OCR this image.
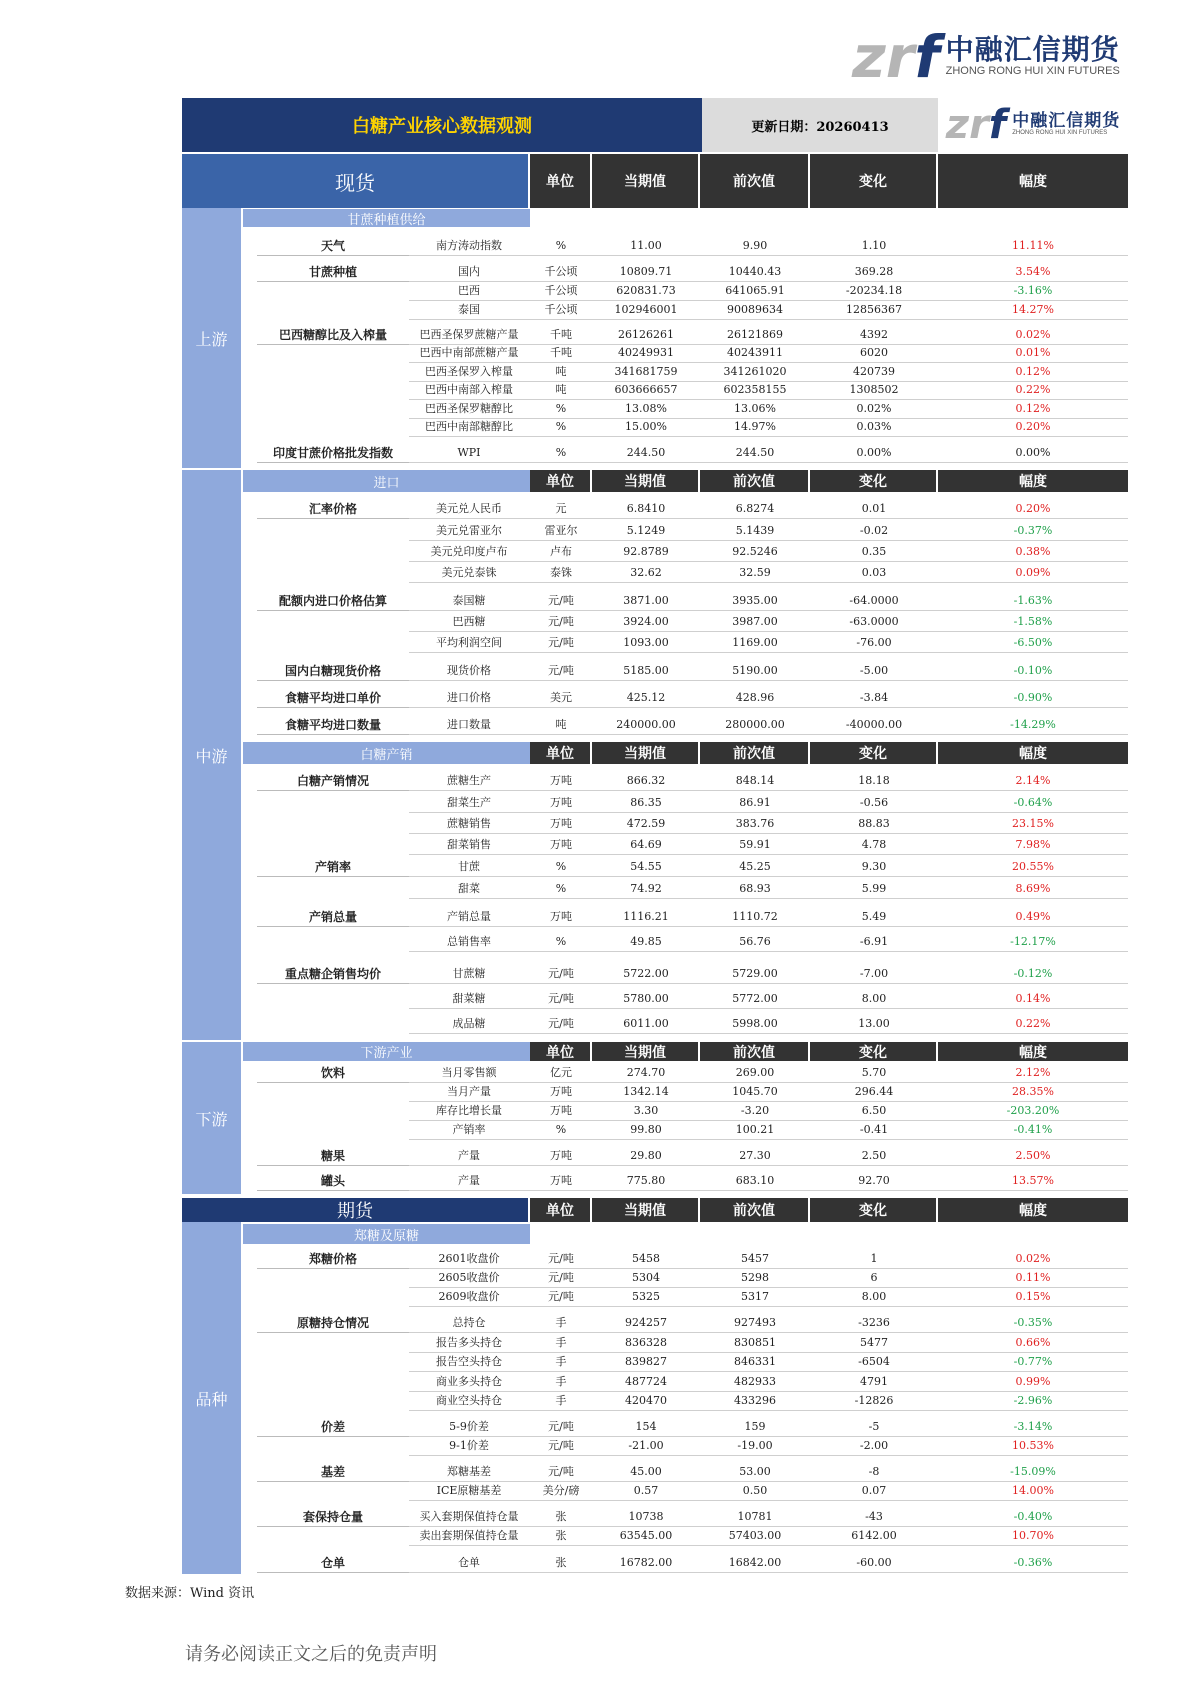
zrf 中融汇信期货
ZHONG RONG HUI XIN FUTURES
白糖产业核心数据观测	更新日期：20260413	zrf 中融汇信期货
ZHONG RONG HUI XIN FUTURES
现货	单位	当期值	前次值	变化	幅度
上游
中游
下游
品种
甘蔗种植供给
进口	单位	当期值	前次值	变化	幅度
白糖产销	单位	当期值	前次值	变化	幅度
下游产业	单位	当期值	前次值	变化	幅度
期货	单位	当期值	前次值	变化	幅度
郑糖及原糖
天气	南方涛动指数	%	11.00	9.90	1.10	11.11%
甘蔗种植	国内	千公顷	10809.71	10440.43	369.28	3.54%
巴西	千公顷	620831.73	641065.91	-20234.18	-3.16%
泰国	千公顷	102946001	90089634	12856367	14.27%
巴西糖醇比及入榨量	巴西圣保罗蔗糖产量	千吨	26126261	26121869	4392	0.02%
巴西中南部蔗糖产量	千吨	40249931	40243911	6020	0.01%
巴西圣保罗入榨量	吨	341681759	341261020	420739	0.12%
巴西中南部入榨量	吨	603666657	602358155	1308502	0.22%
巴西圣保罗糖醇比	%	13.08%	13.06%	0.02%	0.12%
巴西中南部糖醇比	%	15.00%	14.97%	0.03%	0.20%
印度甘蔗价格批发指数	WPI	%	244.50	244.50	0.00%	0.00%
汇率价格	美元兑人民币	元	6.8410	6.8274	0.01	0.20%
美元兑雷亚尔	雷亚尔	5.1249	5.1439	-0.02	-0.37%
美元兑印度卢布	卢布	92.8789	92.5246	0.35	0.38%
美元兑泰铢	泰铢	32.62	32.59	0.03	0.09%
配额内进口价格估算	泰国糖	元/吨	3871.00	3935.00	-64.0000	-1.63%
巴西糖	元/吨	3924.00	3987.00	-63.0000	-1.58%
平均利润空间	元/吨	1093.00	1169.00	-76.00	-6.50%
国内白糖现货价格	现货价格	元/吨	5185.00	5190.00	-5.00	-0.10%
食糖平均进口单价	进口价格	美元	425.12	428.96	-3.84	-0.90%
食糖平均进口数量	进口数量	吨	240000.00	280000.00	-40000.00	-14.29%
白糖产销情况	蔗糖生产	万吨	866.32	848.14	18.18	2.14%
甜菜生产	万吨	86.35	86.91	-0.56	-0.64%
蔗糖销售	万吨	472.59	383.76	88.83	23.15%
甜菜销售	万吨	64.69	59.91	4.78	7.98%
产销率	甘蔗	%	54.55	45.25	9.30	20.55%
甜菜	%	74.92	68.93	5.99	8.69%
产销总量	产销总量	万吨	1116.21	1110.72	5.49	0.49%
总销售率	%	49.85	56.76	-6.91	-12.17%
重点糖企销售均价	甘蔗糖	元/吨	5722.00	5729.00	-7.00	-0.12%
甜菜糖	元/吨	5780.00	5772.00	8.00	0.14%
成品糖	元/吨	6011.00	5998.00	13.00	0.22%
饮料	当月零售额	亿元	274.70	269.00	5.70	2.12%
当月产量	万吨	1342.14	1045.70	296.44	28.35%
库存比增长量	万吨	3.30	-3.20	6.50	-203.20%
产销率	%	99.80	100.21	-0.41	-0.41%
糖果	产量	万吨	29.80	27.30	2.50	2.50%
罐头	产量	万吨	775.80	683.10	92.70	13.57%
郑糖价格	2601收盘价	元/吨	5458	5457	1	0.02%
2605收盘价	元/吨	5304	5298	6	0.11%
2609收盘价	元/吨	5325	5317	8.00	0.15%
原糖持仓情况	总持仓	手	924257	927493	-3236	-0.35%
报告多头持仓	手	836328	830851	5477	0.66%
报告空头持仓	手	839827	846331	-6504	-0.77%
商业多头持仓	手	487724	482933	4791	0.99%
商业空头持仓	手	420470	433296	-12826	-2.96%
价差	5-9价差	元/吨	154	159	-5	-3.14%
9-1价差	元/吨	-21.00	-19.00	-2.00	10.53%
基差	郑糖基差	元/吨	45.00	53.00	-8	-15.09%
ICE原糖基差	美分/磅	0.57	0.50	0.07	14.00%
套保持仓量	买入套期保值持仓量	张	10738	10781	-43	-0.40%
卖出套期保值持仓量	张	63545.00	57403.00	6142.00	10.70%
仓单	仓单	张	16782.00	16842.00	-60.00	-0.36%
数据来源：Wind 资讯
请务必阅读正文之后的免责声明
